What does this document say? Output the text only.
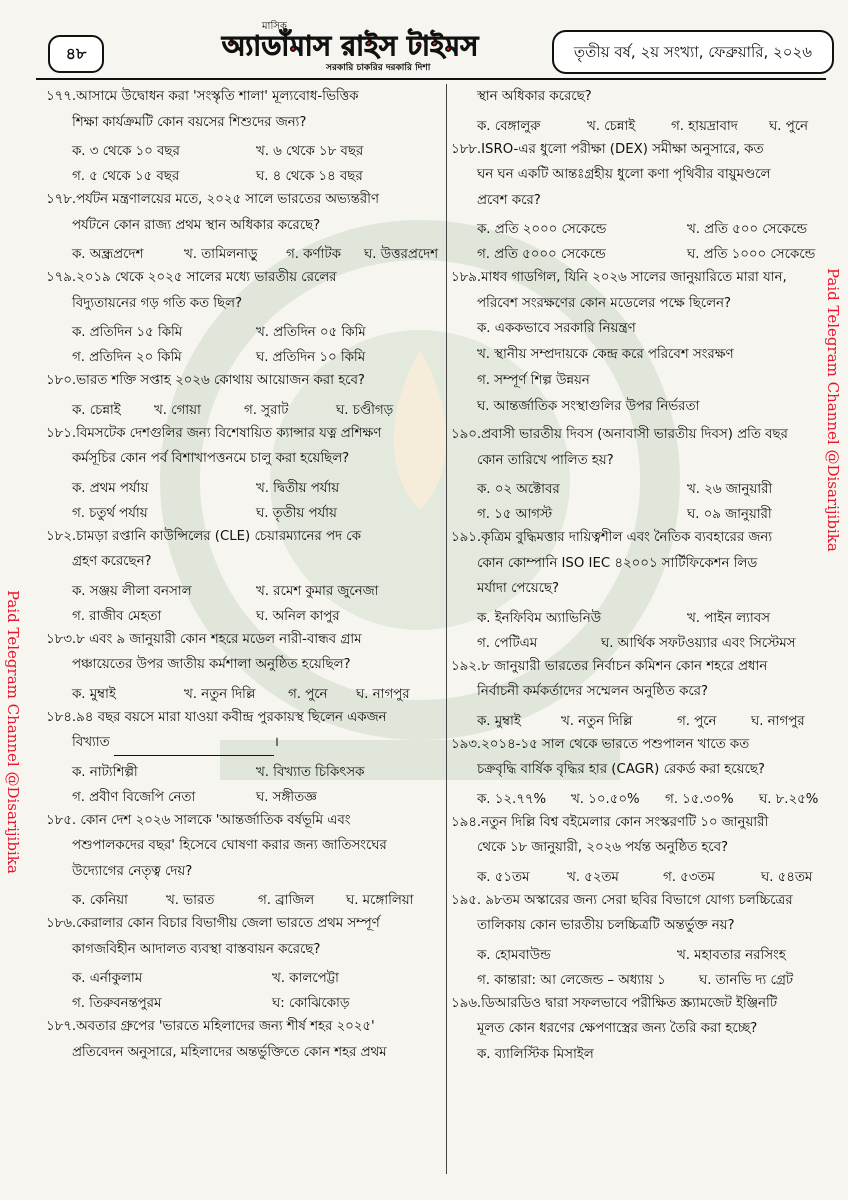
৪৮
মাসিক
অ্যাডাঁমাস রাইস টাইমস
সরকারি চাকরির দরকারি দিশা
তৃতীয় বর্ষ, ২য় সংখ্যা, ফেব্রুয়ারি, ২০২৬
Paid Telegram Channel @Disarijibika
Paid Telegram Channel @Disarijibika
১৭৭.আসামে উদ্বোধন করা 'সংস্কৃতি শালা' মূল্যবোধ-ভিত্তিক
শিক্ষা কার্যক্রমটি কোন বয়সের শিশুদের জন্য?
ক. ৩ থেকে ১০ বছর	খ. ৬ থেকে ১৮ বছর
গ. ৫ থেকে ১৫ বছর	ঘ. ৪ থেকে ১৪ বছর
১৭৮.পর্যটন মন্ত্রণালয়ের মতে, ২০২৫ সালে ভারতের অভ্যন্তরীণ
পর্যটনে কোন রাজ্য প্রথম স্থান অধিকার করেছে?
ক. অন্ধ্রপ্রদেশ	খ. তামিলনাড়ু গ. কর্ণাটক ঘ. উত্তরপ্রদেশ
১৭৯.২০১৯ থেকে ২০২৫ সালের মধ্যে ভারতীয় রেলের
বিদ্যুতায়নের গড় গতি কত ছিল?
ক. প্রতিদিন ১৫ কিমি	খ. প্রতিদিন ০৫ কিমি
গ. প্রতিদিন ২০ কিমি	ঘ. প্রতিদিন ১০ কিমি
১৮০.ভারত শক্তি সপ্তাহ ২০২৬ কোথায় আয়োজন করা হবে?
ক. চেন্নাই	খ. গোয়া	গ. সুরাট	ঘ. চণ্ডীগড়
১৮১.বিমসটেক দেশগুলির জন্য বিশেষায়িত ক্যান্সার যত্ন প্রশিক্ষণ
কর্মসূচির কোন পর্ব বিশাখাপত্তনমে চালু করা হয়েছিল?
ক. প্রথম পর্যায়	খ. দ্বিতীয় পর্যায়
গ. চতুর্থ পর্যায়	ঘ. তৃতীয় পর্যায়
১৮২.চামড়া রপ্তানি কাউন্সিলের (CLE) চেয়ারম্যানের পদ কে
গ্রহণ করেছেন?
ক. সঞ্জয় লীলা বনসাল	খ. রমেশ কুমার জুনেজা
গ. রাজীব মেহতা	ঘ. অনিল কাপুর
১৮৩.৮ এবং ৯ জানুয়ারী কোন শহরে মডেল নারী-বান্ধব গ্রাম
পঞ্চায়েতের উপর জাতীয় কর্মশালা অনুষ্ঠিত হয়েছিল?
ক. মুম্বাই	খ. নতুন দিল্লি গ. পুনে ঘ. নাগপুর
১৮৪.৯৪ বছর বয়সে মারা যাওয়া কবীন্দ্র পুরকায়স্থ ছিলেন একজন
বিখ্যাত	।
ক. নাট্যশিল্পী	খ. বিখ্যাত চিকিৎসক
গ. প্রবীণ বিজেপি নেতা	ঘ. সঙ্গীতজ্ঞ
১৮৫. কোন দেশ ২০২৬ সালকে 'আন্তর্জাতিক বর্ষভূমি এবং
পশুপালকদের বছর' হিসেবে ঘোষণা করার জন্য জাতিসংঘের
উদ্যোগের নেতৃত্ব দেয়?
ক. কেনিয়া	খ. ভারত	গ. ব্রাজিল ঘ. মঙ্গোলিয়া
১৮৬.কেরালার কোন বিচার বিভাগীয় জেলা ভারতে প্রথম সম্পূর্ণ
কাগজবিহীন আদালত ব্যবস্থা বাস্তবায়ন করেছে?
ক. এর্নাকুলাম	খ. কালপেট্টা
গ. তিরুবনন্তপুরম	ঘ: কোঝিকোড়
১৮৭.অবতার গ্রুপের 'ভারতে মহিলাদের জন্য শীর্ষ শহর ২০২৫'
প্রতিবেদন অনুসারে, মহিলাদের অন্তর্ভুক্তিতে কোন শহর প্রথম
স্থান অধিকার করেছে?
ক. বেঙ্গালুরু	খ. চেন্নাই	গ. হায়দ্রাবাদ ঘ. পুনে
১৮৮.ISRO-এর ধুলো পরীক্ষা (DEX) সমীক্ষা অনুসারে, কত
ঘন ঘন একটি আন্তঃগ্রহীয় ধুলো কণা পৃথিবীর বায়ুমণ্ডলে
প্রবেশ করে?
ক. প্রতি ২০০০ সেকেন্ডে	খ. প্রতি ৫০০ সেকেন্ডে
গ. প্রতি ৫০০০ সেকেন্ডে	ঘ. প্রতি ১০০০ সেকেন্ডে
১৮৯.মাধব গাডগিল, যিনি ২০২৬ সালের জানুয়ারিতে মারা যান,
পরিবেশ সংরক্ষণের কোন মডেলের পক্ষে ছিলেন?
ক. এককভাবে সরকারি নিয়ন্ত্রণ
খ. স্থানীয় সম্প্রদায়কে কেন্দ্র করে পরিবেশ সংরক্ষণ
গ. সম্পূর্ণ শিল্প উন্নয়ন
ঘ. আন্তর্জাতিক সংস্থাগুলির উপর নির্ভরতা
১৯০.প্রবাসী ভারতীয় দিবস (অনাবাসী ভারতীয় দিবস) প্রতি বছর
কোন তারিখে পালিত হয়?
ক. ০২ অক্টোবর	খ. ২৬ জানুয়ারী
গ. ১৫ আগস্ট	ঘ. ০৯ জানুয়ারী
১৯১.কৃত্রিম বুদ্ধিমত্তার দায়িত্বশীল এবং নৈতিক ব্যবহারের জন্য
কোন কোম্পানি ISO IEC ৪২০০১ সার্টিফিকেশন লিড
মর্যাদা পেয়েছে?
ক. ইনফিবিম অ্যাভিনিউ	খ. পাইন ল্যাবস
গ. পেটিএম	ঘ. আর্থিক সফটওয়্যার এবং সিস্টেমস
১৯২.৮ জানুয়ারী ভারতের নির্বাচন কমিশন কোন শহরে প্রধান
নির্বাচনী কর্মকর্তাদের সম্মেলন অনুষ্ঠিত করে?
ক. মুম্বাই	খ. নতুন দিল্লি	গ. পুনে	ঘ. নাগপুর
১৯৩.২০১৪-১৫ সাল থেকে ভারতে পশুপালন খাতে কত
চক্রবৃদ্ধি বার্ষিক বৃদ্ধির হার (CAGR) রেকর্ড করা হয়েছে?
ক. ১২.৭৭% খ. ১০.৫০% গ. ১৫.৩০% ঘ. ৮.২৫%
১৯৪.নতুন দিল্লি বিশ্ব বইমেলার কোন সংস্করণটি ১০ জানুয়ারী
থেকে ১৮ জানুয়ারী, ২০২৬ পর্যন্ত অনুষ্ঠিত হবে?
ক. ৫১তম	খ. ৫২তম	গ. ৫৩তম	ঘ. ৫৪তম
১৯৫. ৯৮তম অস্কারের জন্য সেরা ছবির বিভাগে যোগ্য চলচ্চিত্রের
তালিকায় কোন ভারতীয় চলচ্চিত্রটি অন্তর্ভুক্ত নয়?
ক. হোমবাউন্ড	খ. মহাবতার নরসিংহ
গ. কান্তারা: আ লেজেন্ড – অধ্যায় ১	ঘ. তানভি দ্য গ্রেট
১৯৬.ডিআরডিও দ্বারা সফলভাবে পরীক্ষিত স্ক্র্যামজেট ইঞ্জিনটি
মূলত কোন ধরণের ক্ষেপণাস্ত্রের জন্য তৈরি করা হচ্ছে?
ক. ব্যালিস্টিক মিসাইল
